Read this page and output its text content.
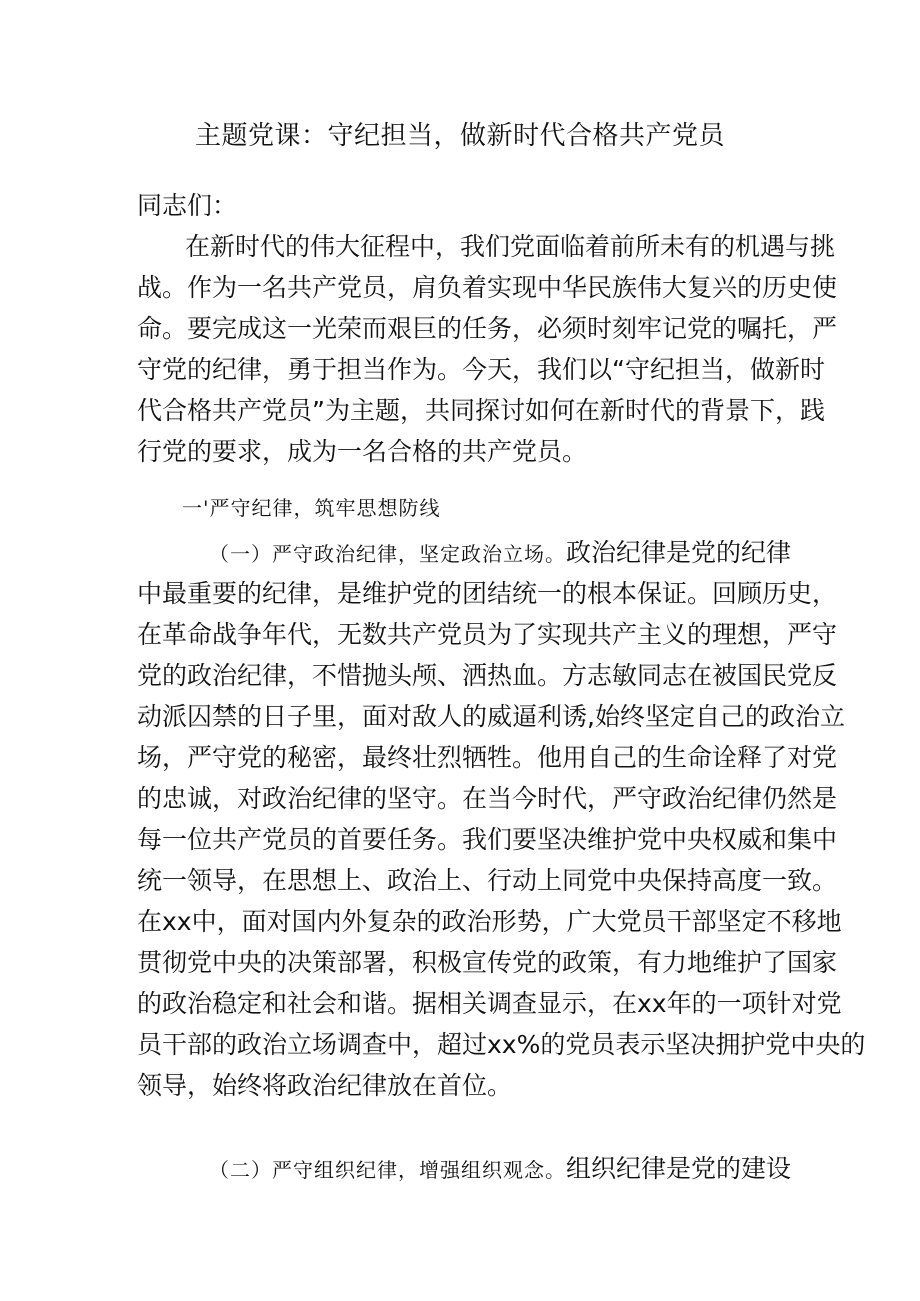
主题党课：守纪担当，做新时代合格共产党员
同志们：
在新时代的伟大征程中，我们党面临着前所未有的机遇与挑
战。作为一名共产党员，肩负着实现中华民族伟大复兴的历史使
命。要完成这一光荣而艰巨的任务，必须时刻牢记党的嘱托，严
守党的纪律，勇于担当作为。今天，我们以“守纪担当，做新时
代合格共产党员”为主题，共同探讨如何在新时代的背景下，践
行党的要求，成为一名合格的共产党员。
一'严守纪律，筑牢思想防线
（一）严守政治纪律，坚定政治立场。政治纪律是党的纪律
中最重要的纪律，是维护党的团结统一的根本保证。回顾历史，
在革命战争年代，无数共产党员为了实现共产主义的理想，严守
党的政治纪律，不惜抛头颅、洒热血。方志敏同志在被国民党反
动派囚禁的日子里，面对敌人的威逼利诱,始终坚定自己的政治立
场，严守党的秘密，最终壮烈牺牲。他用自己的生命诠释了对党
的忠诚，对政治纪律的坚守。在当今时代，严守政治纪律仍然是
每一位共产党员的首要任务。我们要坚决维护党中央权威和集中
统一领导，在思想上、政治上、行动上同党中央保持高度一致。
在xx中，面对国内外复杂的政治形势，广大党员干部坚定不移地
贯彻党中央的决策部署，积极宣传党的政策，有力地维护了国家
的政治稳定和社会和谐。据相关调查显示，在xx年的一项针对党
员干部的政治立场调查中，超过xx%的党员表示坚决拥护党中央的
领导，始终将政治纪律放在首位。
（二）严守组织纪律，增强组织观念。组织纪律是党的建设
